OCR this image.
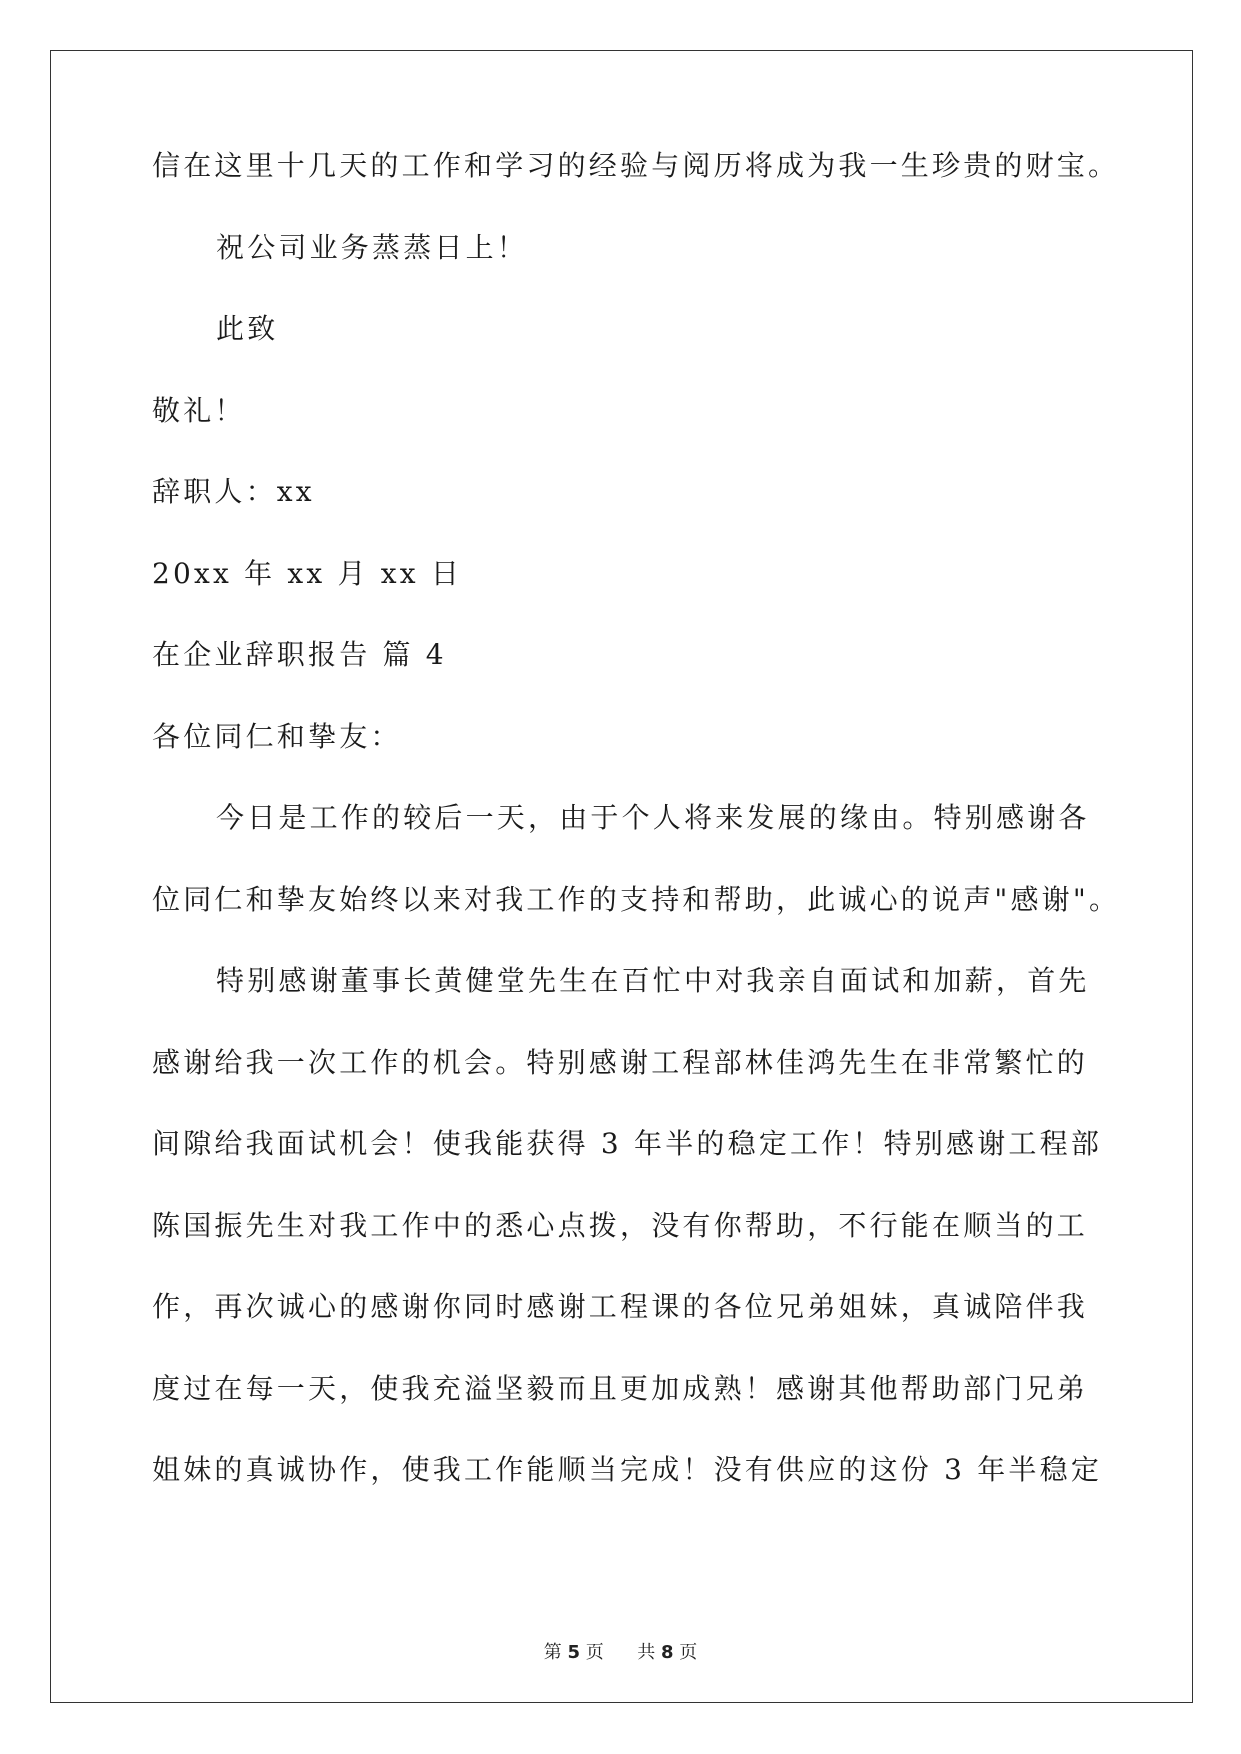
信在这里十几天的工作和学习的经验与阅历将成为我一生珍贵的财宝。
祝公司业务蒸蒸日上！
此致
敬礼！
辞职人：xx
20xx 年 xx 月 xx 日
在企业辞职报告 篇 4
各位同仁和挚友：
今日是工作的较后一天，由于个人将来发展的缘由。特别感谢各
位同仁和挚友始终以来对我工作的支持和帮助，此诚心的说声"感谢"。
特别感谢董事长黄健堂先生在百忙中对我亲自面试和加薪，首先
感谢给我一次工作的机会。特别感谢工程部林佳鸿先生在非常繁忙的
间隙给我面试机会！使我能获得 3 年半的稳定工作！特别感谢工程部
陈国振先生对我工作中的悉心点拨，没有你帮助，不行能在顺当的工
作，再次诚心的感谢你同时感谢工程课的各位兄弟姐妹，真诚陪伴我
度过在每一天，使我充溢坚毅而且更加成熟！感谢其他帮助部门兄弟
姐妹的真诚协作，使我工作能顺当完成！没有供应的这份 3 年半稳定
第 5 页 共 8 页
